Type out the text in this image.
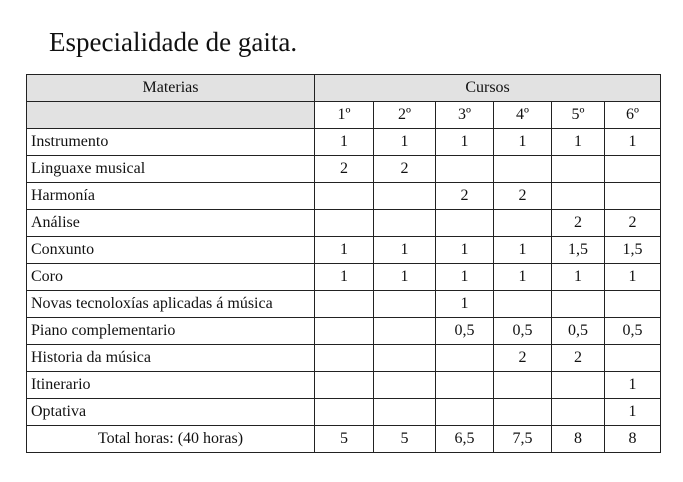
Especialidade de gaita.
Materias	Cursos					
	1º	2º	3º	4º	5º	6º
Instrumento	1	1	1	1	1	1
Linguaxe musical	2	2				
Harmonía			2	2		
Análise					2	2
Conxunto	1	1	1	1	1,5	1,5
Coro	1	1	1	1	1	1
Novas tecnoloxías aplicadas á música			1			
Piano complementario			0,5	0,5	0,5	0,5
Historia da música				2	2	
Itinerario						1
Optativa						1
Total horas: (40 horas)	5	5	6,5	7,5	8	8
